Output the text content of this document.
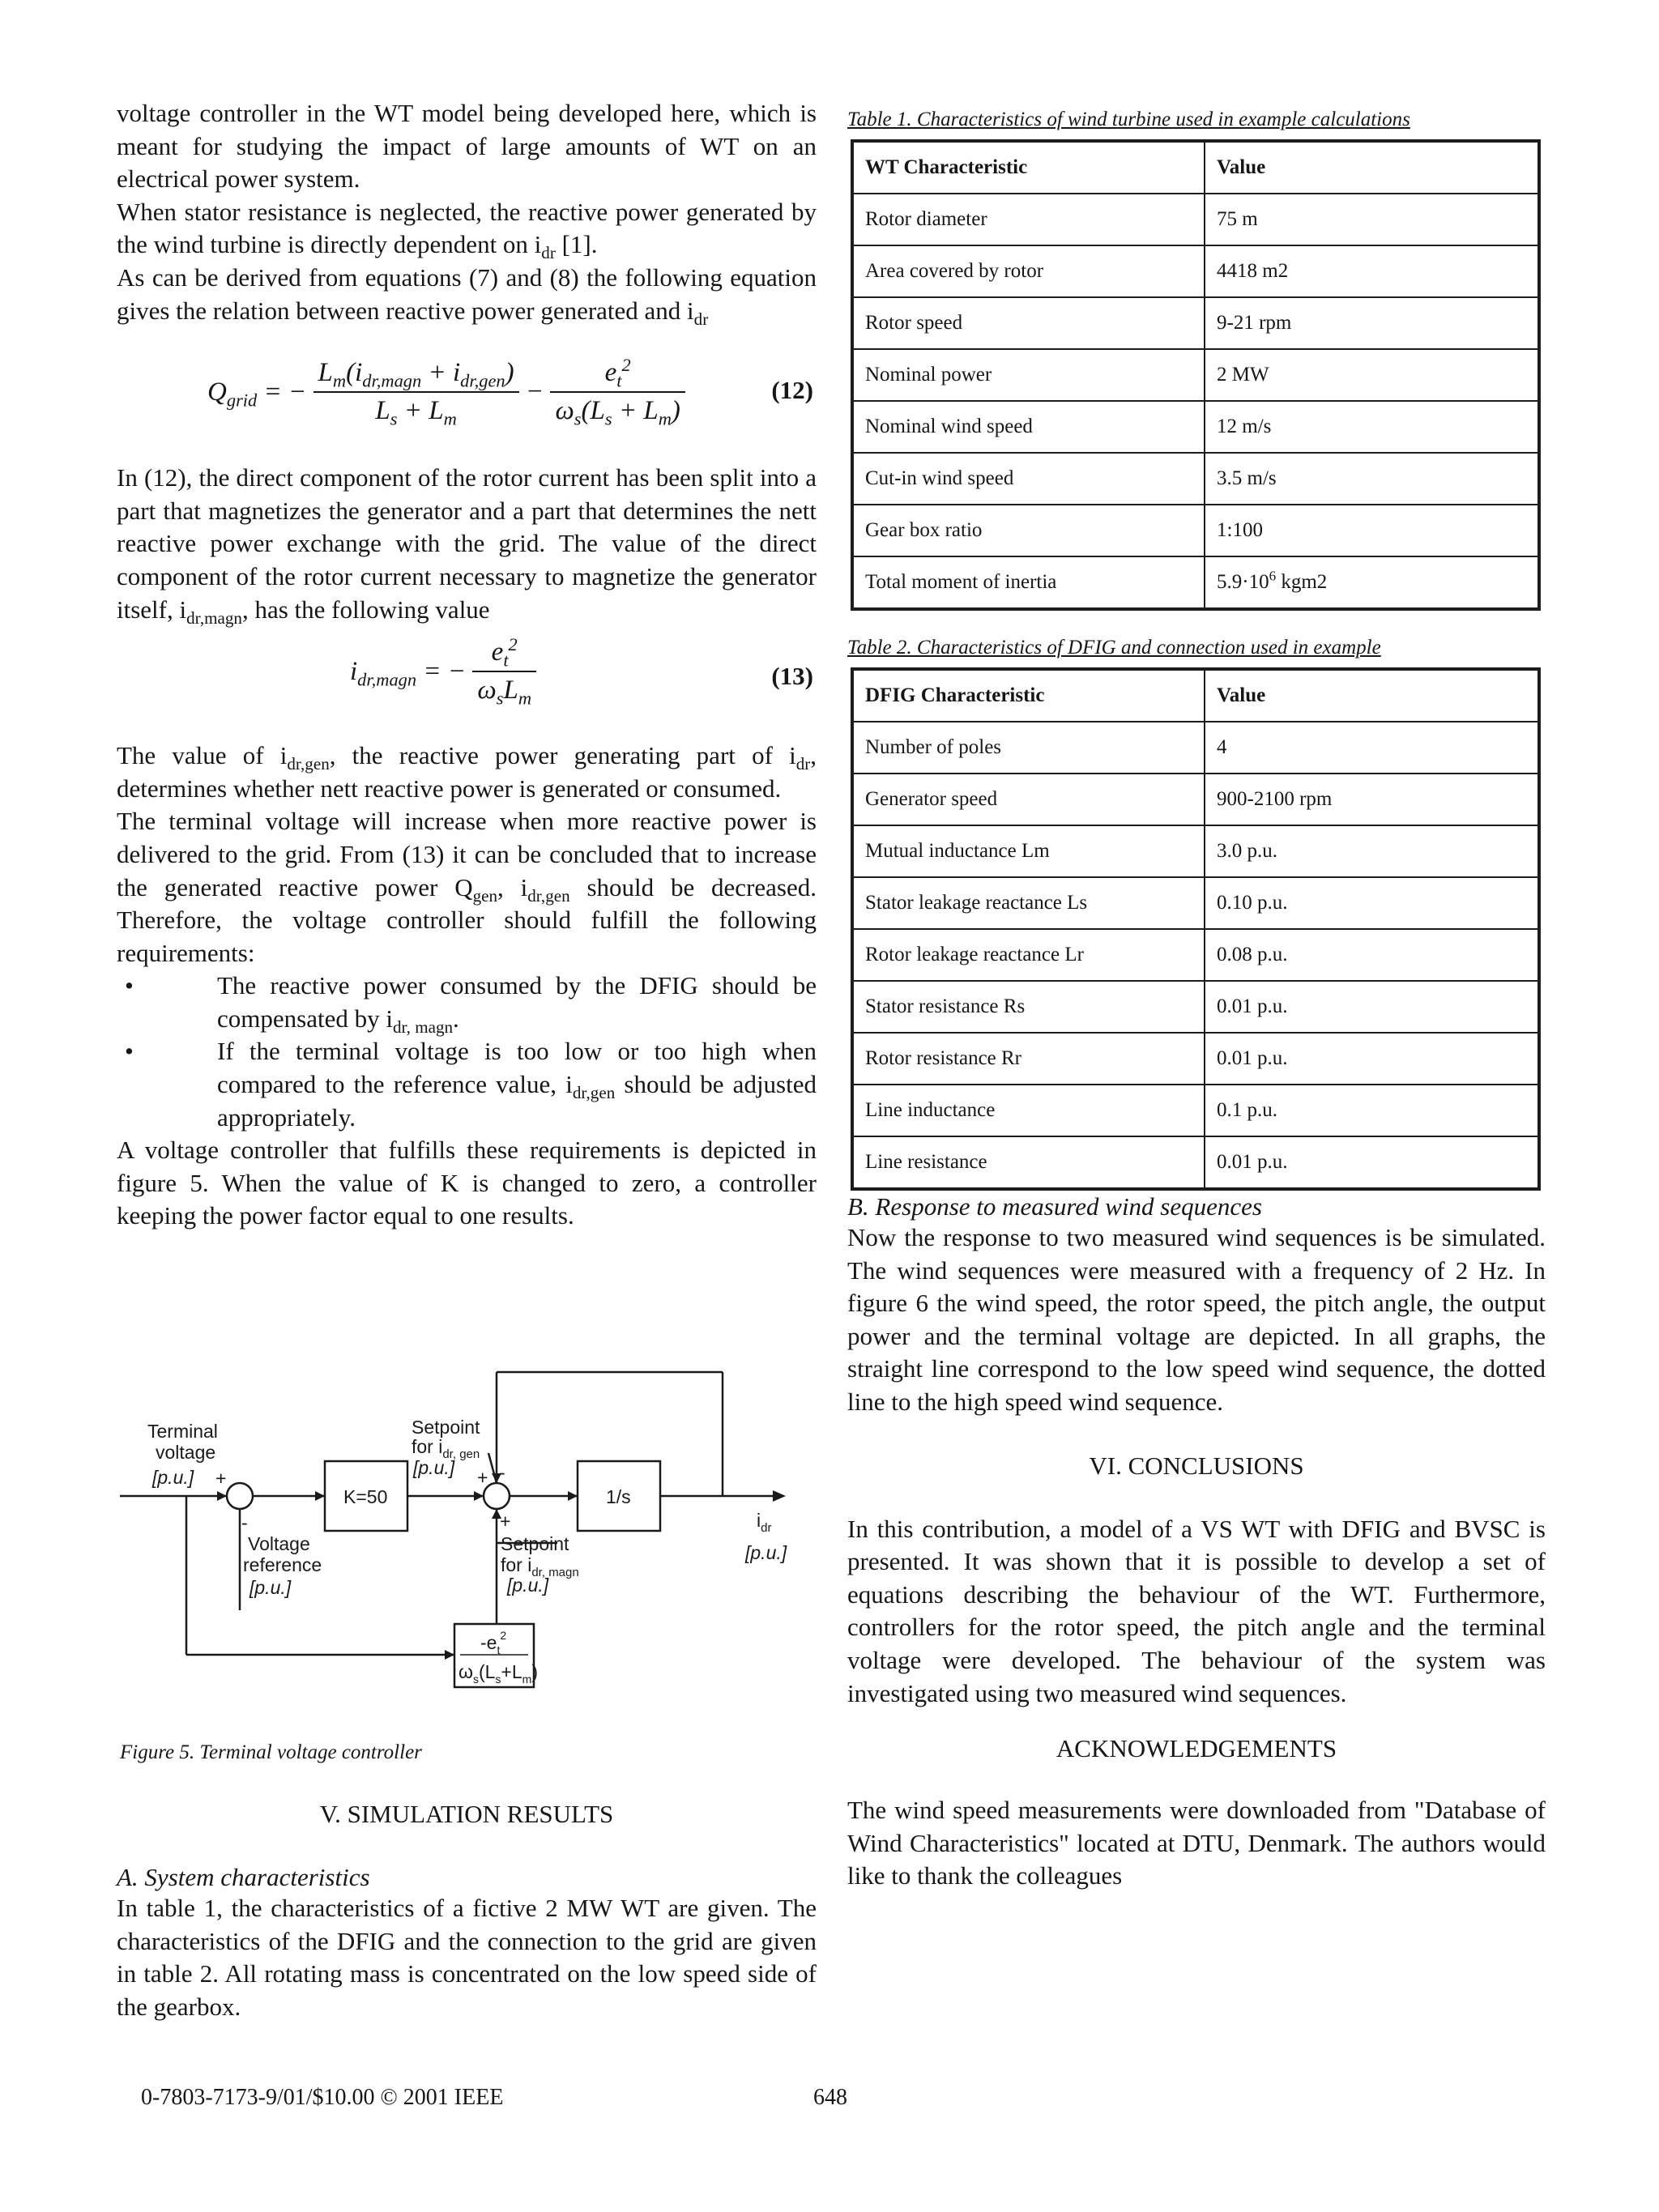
voltage controller in the WT model being developed here, which is meant for studying the impact of large amounts of WT on an electrical power system.

When stator resistance is neglected, the reactive power generated by the wind turbine is directly dependent on $i_{dr}$ [1].

As can be derived from equations (7) and (8) the following equation gives the relation between reactive power generated and $i_{dr}$

$Q_{grid}$ = − $\frac{L_m(i_{dr,magn} + i_{dr,gen})}{L_s + L_m} - \frac{e_t^2}{\omega_s(L_s + L_m)}$	(12)

In (12), the direct component of the rotor current has been split into a part that magnetizes the generator and a part that determines the nett reactive power exchange with the grid. The value of the direct component of the rotor current necessary to magnetize the generator itself, $i_{dr,magn}$, has the following value

$i_{dr,magn}$ = − $\frac{e_t^2}{\omega_sL_m}$	(13)

The value of $i_{dr,gen}$, the reactive power generating part of $i_{dr}$, determines whether nett reactive power is generated or consumed.

The terminal voltage will increase when more reactive power is delivered to the grid. From (13) it can be concluded that to increase the generated reactive power $Q_{gen}$, $i_{dr,gen}$ should be decreased. Therefore, the voltage controller should fulfill the following requirements:

•	The reactive power consumed by the DFIG should be compensated by $i_{dr, magn}$.

•	If the terminal voltage is too low or too high when compared to the reference value, $i_{dr,gen}$ should be adjusted appropriately.

A voltage controller that fulfills these requirements is depicted in figure 5. When the value of K is changed to zero, a controller keeping the power factor equal to one results.

Terminal
voltage
[p.u.] +
-
K=50
Setpoint
for $i_{dr, gen}$
[p.u.] + -
1/s
$i_{dr}$
[p.u.]
Voltage
reference
[p.u.]
+
Setpoint
for $i_{dr, magn}$
[p.u.]
$-e_t^2$
$\omega_s(L_s+L_m)$
Figure 5. Terminal voltage controller

V. SIMULATION RESULTS

A. System characteristics

In table 1, the characteristics of a fictive 2 MW WT are given. The characteristics of the DFIG and the connection to the grid are given in table 2. All rotating mass is concentrated on the low speed side of the gearbox.

Table 1. Characteristics of wind turbine used in example calculations

WT Characteristic	Value
Rotor diameter	75 m
Area covered by rotor	4418 m2
Rotor speed	9-21 rpm
Nominal power	2 MW
Nominal wind speed	12 m/s
Cut-in wind speed	3.5 m/s
Gear box ratio	1:100
Total moment of inertia	$5.9\cdot 10^6$ kgm2

Table 2. Characteristics of DFIG and connection used in example

DFIG Characteristic	Value
Number of poles	4
Generator speed	900-2100 rpm
Mutual inductance Lm	3.0 p.u.
Stator leakage reactance Ls	0.10 p.u.
Rotor leakage reactance Lr	0.08 p.u.
Stator resistance Rs	0.01 p.u.
Rotor resistance Rr	0.01 p.u.
Line inductance	0.1 p.u.
Line resistance	0.01 p.u.

B. Response to measured wind sequences

Now the response to two measured wind sequences is be simulated. The wind sequences were measured with a frequency of 2 Hz. In figure 6 the wind speed, the rotor speed, the pitch angle, the output power and the terminal voltage are depicted. In all graphs, the straight line correspond to the low speed wind sequence, the dotted line to the high speed wind sequence.

VI. CONCLUSIONS

In this contribution, a model of a VS WT with DFIG and BVSC is presented. It was shown that it is possible to develop a set of equations describing the behaviour of the WT. Furthermore, controllers for the rotor speed, the pitch angle and the terminal voltage were developed. The behaviour of the system was investigated using two measured wind sequences.

ACKNOWLEDGEMENTS

The wind speed measurements were downloaded from "Database of Wind Characteristics" located at DTU, Denmark. The authors would like to thank the colleagues

0-7803-7173-9/01/$10.00 © 2001 IEEE	648
